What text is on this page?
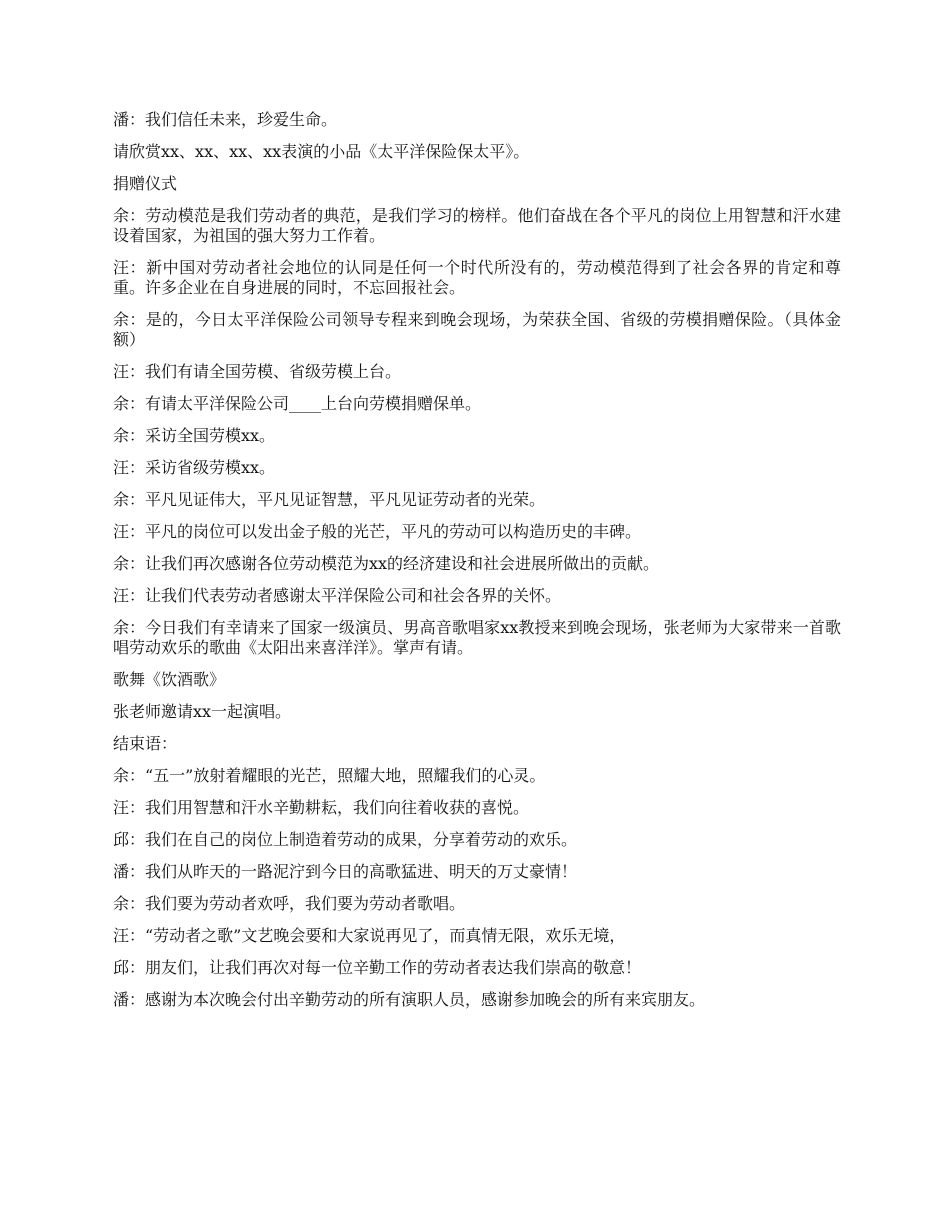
潘：我们信任未来，珍爱生命。

请欣赏xx、xx、xx、xx表演的小品《太平洋保险保太平》。

捐赠仪式

余：劳动模范是我们劳动者的典范，是我们学习的榜样。他们奋战在各个平凡的岗位上用智慧和汗水建设着国家，为祖国的强大努力工作着。

汪：新中国对劳动者社会地位的认同是任何一个时代所没有的，劳动模范得到了社会各界的肯定和尊重。许多企业在自身进展的同时，不忘回报社会。

余：是的，今日太平洋保险公司领导专程来到晚会现场，为荣获全国、省级的劳模捐赠保险。（具体金额）

汪：我们有请全国劳模、省级劳模上台。

余：有请太平洋保险公司____上台向劳模捐赠保单。

余：采访全国劳模xx。

汪：采访省级劳模xx。

余：平凡见证伟大，平凡见证智慧，平凡见证劳动者的光荣。

汪：平凡的岗位可以发出金子般的光芒，平凡的劳动可以构造历史的丰碑。

余：让我们再次感谢各位劳动模范为xx的经济建设和社会进展所做出的贡献。

汪：让我们代表劳动者感谢太平洋保险公司和社会各界的关怀。

余：今日我们有幸请来了国家一级演员、男高音歌唱家xx教授来到晚会现场，张老师为大家带来一首歌唱劳动欢乐的歌曲《太阳出来喜洋洋》。掌声有请。

歌舞《饮酒歌》

张老师邀请xx一起演唱。

结束语：

余：“五一”放射着耀眼的光芒，照耀大地，照耀我们的心灵。

汪：我们用智慧和汗水辛勤耕耘，我们向往着收获的喜悦。

邱：我们在自己的岗位上制造着劳动的成果，分享着劳动的欢乐。

潘：我们从昨天的一路泥泞到今日的高歌猛进、明天的万丈豪情！

余：我们要为劳动者欢呼，我们要为劳动者歌唱。

汪：“劳动者之歌”文艺晚会要和大家说再见了，而真情无限，欢乐无境，

邱：朋友们，让我们再次对每一位辛勤工作的劳动者表达我们崇高的敬意！

潘：感谢为本次晚会付出辛勤劳动的所有演职人员，感谢参加晚会的所有来宾朋友。
